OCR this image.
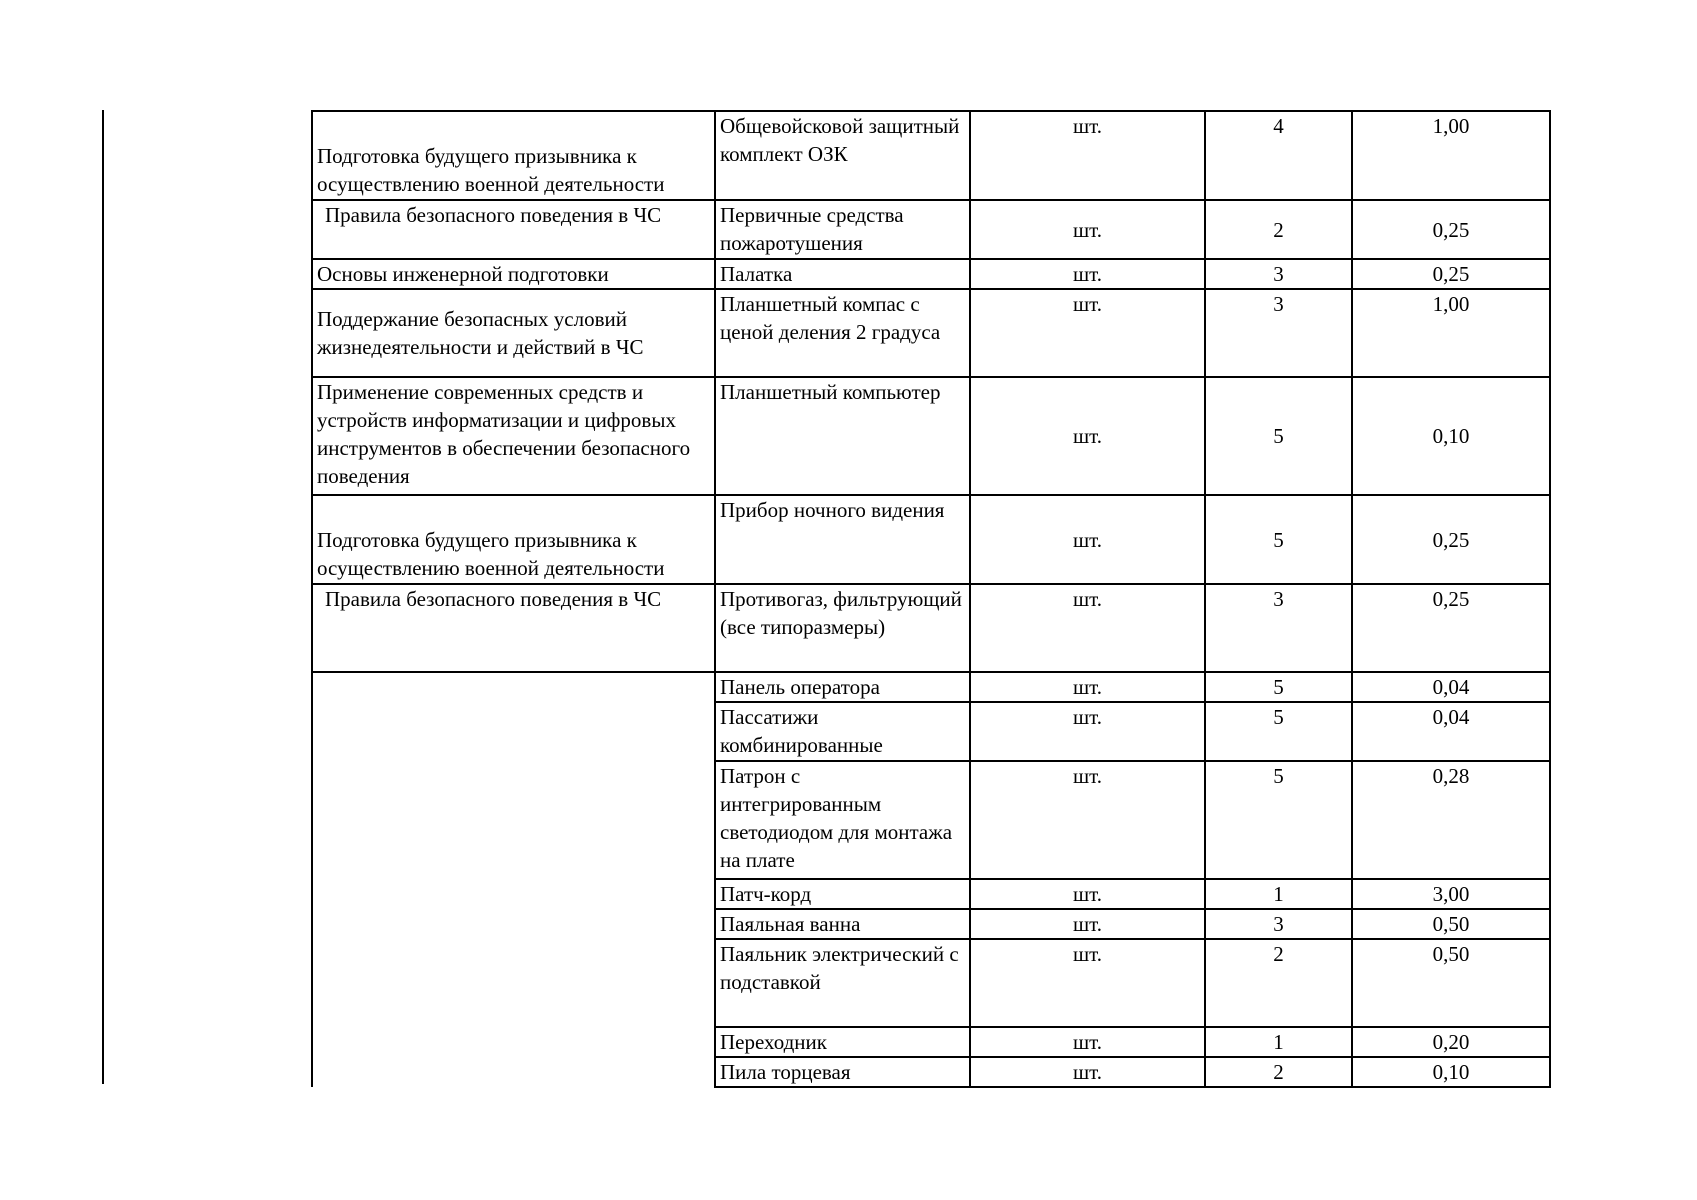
Подготовка будущего призывника к осуществлению военной деятельности	Общевойсковой защитный комплект ОЗК	шт.	4	1,00
Правила безопасного поведения в ЧС	Первичные средства пожаротушения	шт.	2	0,25
Основы инженерной подготовки	Палатка	шт.	3	0,25
Поддержание безопасных условий жизнедеятельности и действий в ЧС	Планшетный компас с ценой деления 2 градуса	шт.	3	1,00
Применение современных средств и устройств информатизации и цифровых инструментов в обеспечении безопасного поведения	Планшетный компьютер	шт.	5	0,10
Подготовка будущего призывника к осуществлению военной деятельности	Прибор ночного видения	шт.	5	0,25
Правила безопасного поведения в ЧС	Противогаз, фильтрующий (все типоразмеры)	шт.	3	0,25
	Панель оператора	шт.	5	0,04
	Пассатижи комбинированные	шт.	5	0,04
	Патрон с интегрированным светодиодом для монтажа на плате	шт.	5	0,28
	Патч-корд	шт.	1	3,00
	Паяльная ванна	шт.	3	0,50
	Паяльник электрический с подставкой	шт.	2	0,50
	Переходник	шт.	1	0,20
	Пила торцевая	шт.	2	0,10
